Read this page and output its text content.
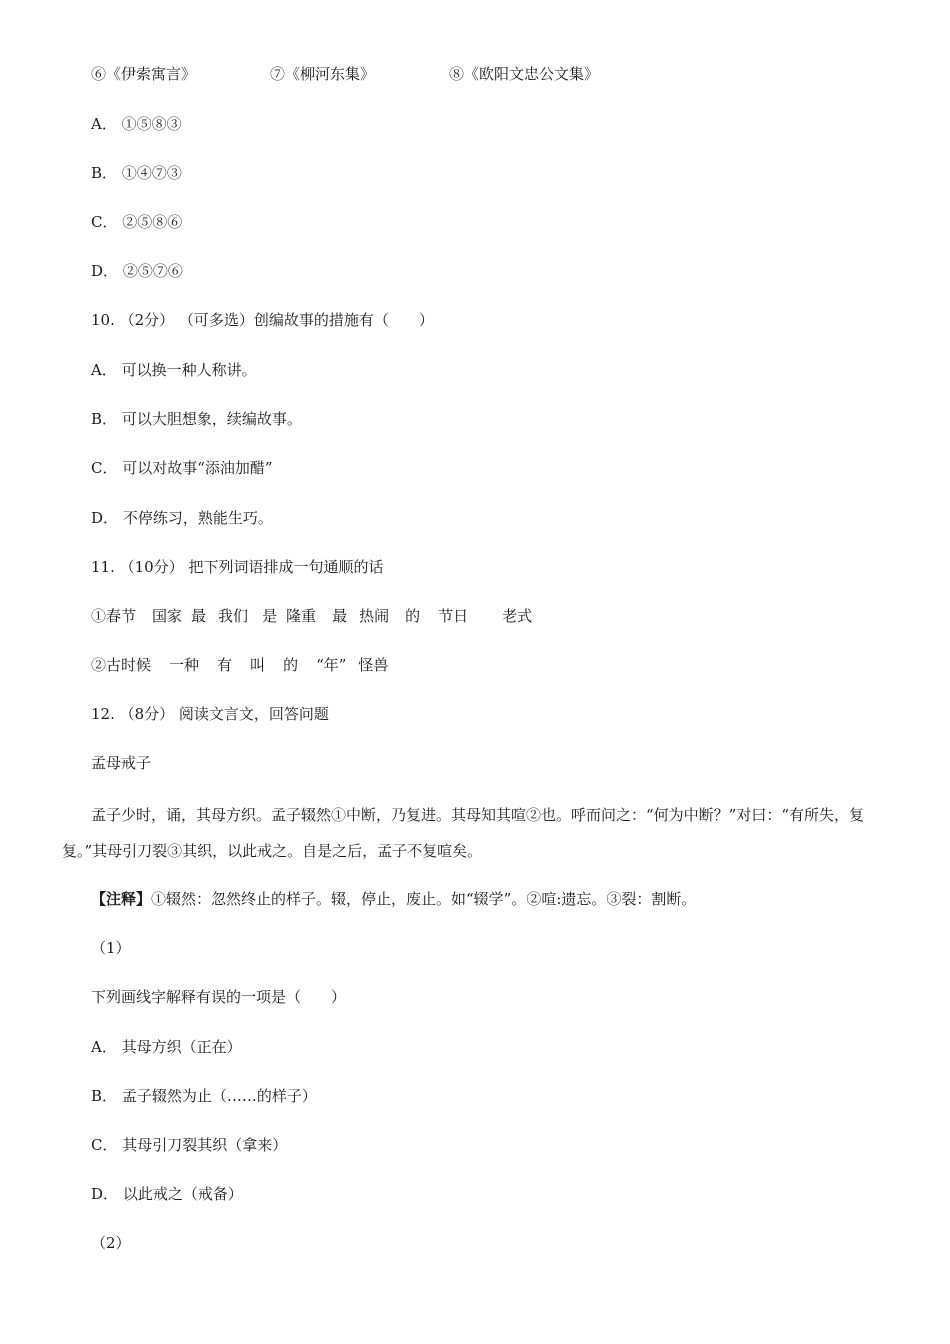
⑥《伊索寓言》	⑦《柳河东集》	⑧《欧阳文忠公文集》
A． ①⑤⑧③
B． ①④⑦③
C． ②⑤⑧⑥
D． ②⑤⑦⑥
10. （2分） （可多选）创编故事的措施有（　　）
A． 可以换一种人称讲。
B． 可以大胆想象，续编故事。
C． 可以对故事“添油加醋”
D． 不停练习，熟能生巧。
11. （10分） 把下列词语排成一句通顺的话
①春节 国家 最 我们 是 隆重 最 热闹 的 节日 老式
②古时候 一种 有 叫 的 “年” 怪兽
12. （8分） 阅读文言文，回答问题
孟母戒子
孟子少时，诵，其母方织。孟子辍然①中断，乃复进。其母知其喧②也。呼而问之：“何为中断？”对曰：“有所失，复复。”其母引刀裂③其织，以此戒之。自是之后，孟子不复喧矣。
【注释】①辍然：忽然终止的样子。辍，停止，废止。如“辍学”。②喧:遗忘。③裂：割断。
（1）
下列画线字解释有误的一项是（　　）
A． 其母方织（正在）
B． 孟子辍然为止（……的样子）
C． 其母引刀裂其织（拿来）
D． 以此戒之（戒备）
（2）
